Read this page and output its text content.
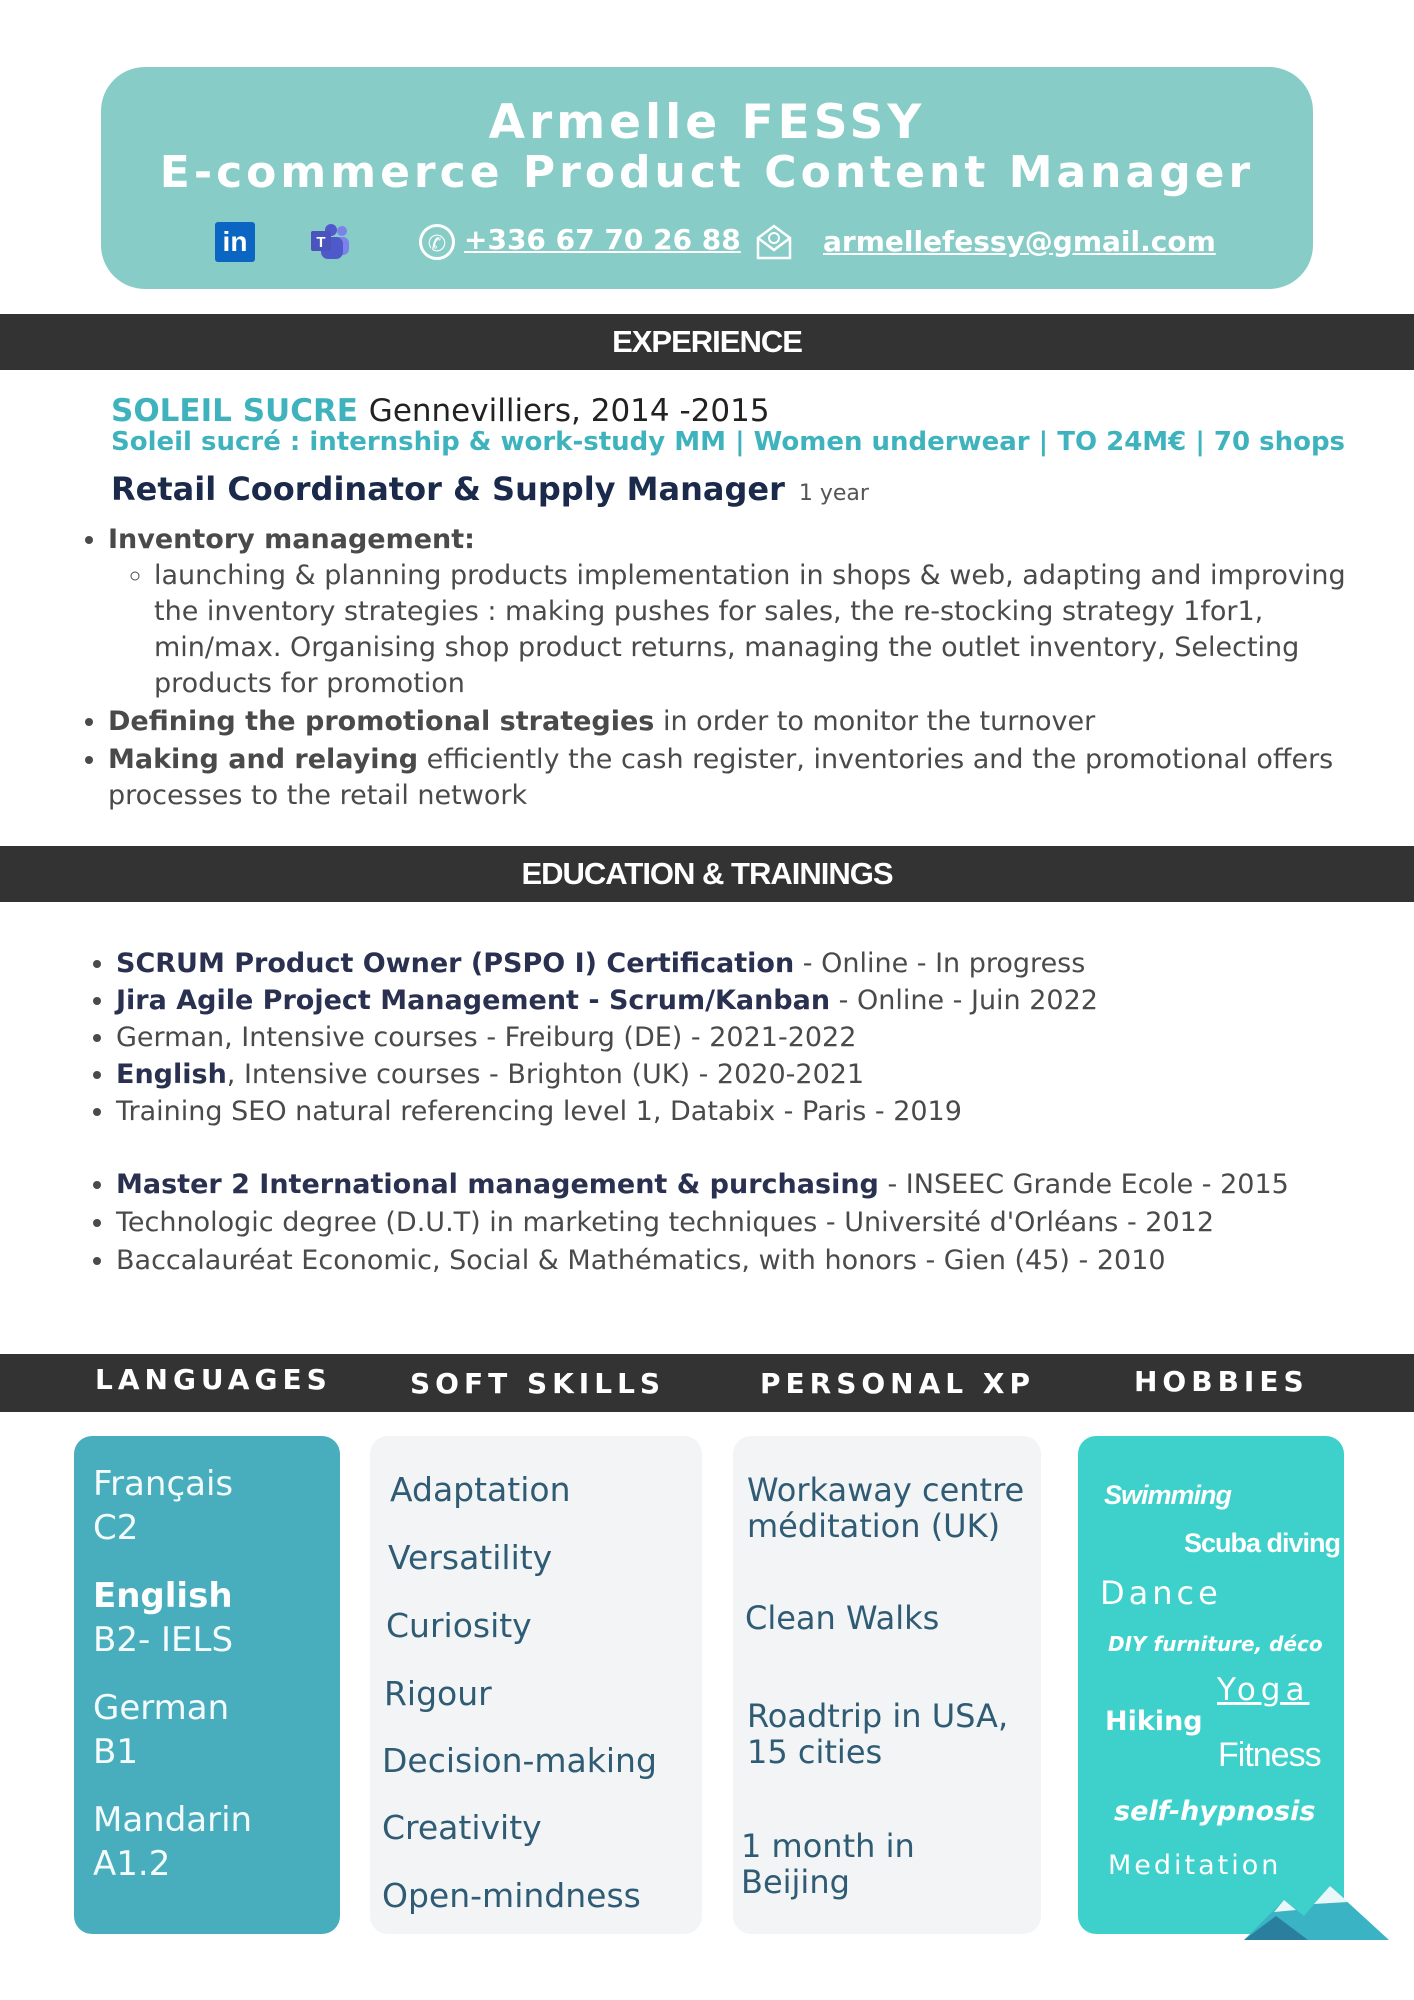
Armelle FESSY
E-commerce Product Content Manager
in	T	✆ +336 67 70 26 88	armellefessy@gmail.com
EXPERIENCE
SOLEIL SUCRE Gennevilliers, 2014 -2015
Soleil sucré : internship & work-study MM | Women underwear | TO 24M€ | 70 shops
Retail Coordinator & Supply Manager 1 year
• Inventory management:
◦ launching & planning products implementation in shops & web, adapting and improving the inventory strategies : making pushes for sales, the re-stocking strategy 1for1, min/max. Organising shop product returns, managing the outlet inventory, Selecting products for promotion
• Defining the promotional strategies in order to monitor the turnover
• Making and relaying efficiently the cash register, inventories and the promotional offers processes to the retail network
EDUCATION & TRAININGS
• SCRUM Product Owner (PSPO I) Certification - Online - In progress
• Jira Agile Project Management - Scrum/Kanban - Online - Juin 2022
• German, Intensive courses - Freiburg (DE) - 2021-2022
• English, Intensive courses - Brighton (UK) - 2020-2021
• Training SEO natural referencing level 1, Databix - Paris - 2019
• Master 2 International management & purchasing - INSEEC Grande Ecole - 2015
• Technologic degree (D.U.T) in marketing techniques - Université d'Orléans - 2012
• Baccalauréat Economic, Social & Mathématics, with honors - Gien (45) - 2010
LANGUAGES	SOFT SKILLS	PERSONAL XP	HOBBIES
Français
C2
English
B2- IELS
German
B1
Mandarin
A1.2
Adaptation
Versatility
Curiosity
Rigour
Decision-making
Creativity
Open-mindness
Workaway centre
méditation (UK)
Clean Walks
Roadtrip in USA,
15 cities
1 month in
Beijing
Swimming
Scuba diving
Dance
DIY furniture, déco
Yoga
Hiking
Fitness
self-hypnosis
Meditation
